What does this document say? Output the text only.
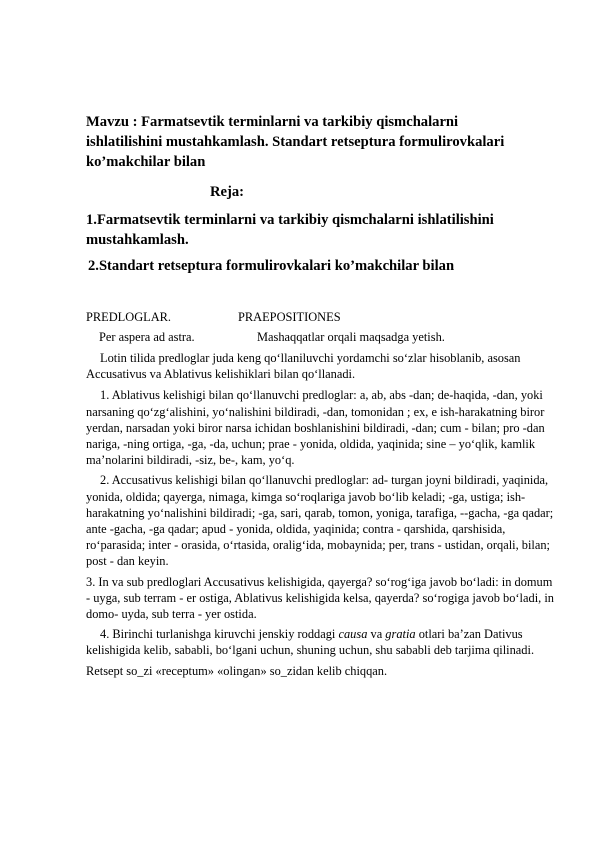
Mavzu : Farmatsevtik terminlarni va tarkibiy qismchalarni

ishlatilishini mustahkamlash. Standart retseptura formulirovkalari

ko’makchilar bilan

Reja:

1.Farmatsevtik terminlarni va tarkibiy qismchalarni ishlatilishini

mustahkamlash.

2.Standart retseptura formulirovkalari ko’makchilar bilan

PREDLOGLAR.	PRAEPOSITIONES
Per aspera ad astra.	Mashaqqatlar orqali maqsadga yetish.

Lotin tilida predloglar juda keng qo‘llaniluvchi yordamchi so‘zlar hisoblanib, asosan Accusativus va Ablativus kelishiklari bilan qo‘llanadi.

1. Ablativus kelishigi bilan qo‘llanuvchi predloglar: a, ab, abs -dan; de-haqida, -dan, yoki narsaning qo‘zg‘alishini, yo‘nalishini bildiradi, -dan, tomonidan ; ex, e ish-harakatning biror yerdan, narsadan yoki biror narsa ichidan boshlanishini bildiradi, -dan; cum - bilan; pro -dan nariga, -ning ortiga, -ga, -da, uchun; prae - yonida, oldida, yaqinida; sine – yo‘qlik, kamlik ma’nolarini bildiradi, -siz, be-, kam, yo‘q.

2. Accusativus kelishigi bilan qo‘llanuvchi predloglar: ad- turgan joyni bildiradi, yaqinida, yonida, oldida; qayerga, nimaga, kimga so‘roqlariga javob bo‘lib keladi; -ga, ustiga; ish-harakatning yo‘nalishini bildiradi; -ga, sari, qarab, tomon, yoniga, tarafiga, --gacha, -ga qadar; ante -gacha, -ga qadar; apud - yonida, oldida, yaqinida; contra - qarshida, qarshisida, ro‘parasida; inter - orasida, o‘rtasida, oralig‘ida, mobaynida; per, trans - ustidan, orqali, bilan; post - dan keyin.

3. In va sub predloglari Accusativus kelishigida, qayerga? so‘rog‘iga javob bo‘ladi: in domum - uyga, sub terram - er ostiga, Ablativus kelishigida kelsa, qayerda? so‘rogiga javob bo‘ladi, in domo- uyda, sub terra - yer ostida.

4. Birinchi turlanishga kiruvchi jenskiy roddagi causa va gratia otlari ba’zan Dativus kelishigida kelib, sababli, bo‘lgani uchun, shuning uchun, shu sababli deb tarjima qilinadi.

Retsept so_zi «receptum» «olingan» so_zidan kelib chiqqan.
